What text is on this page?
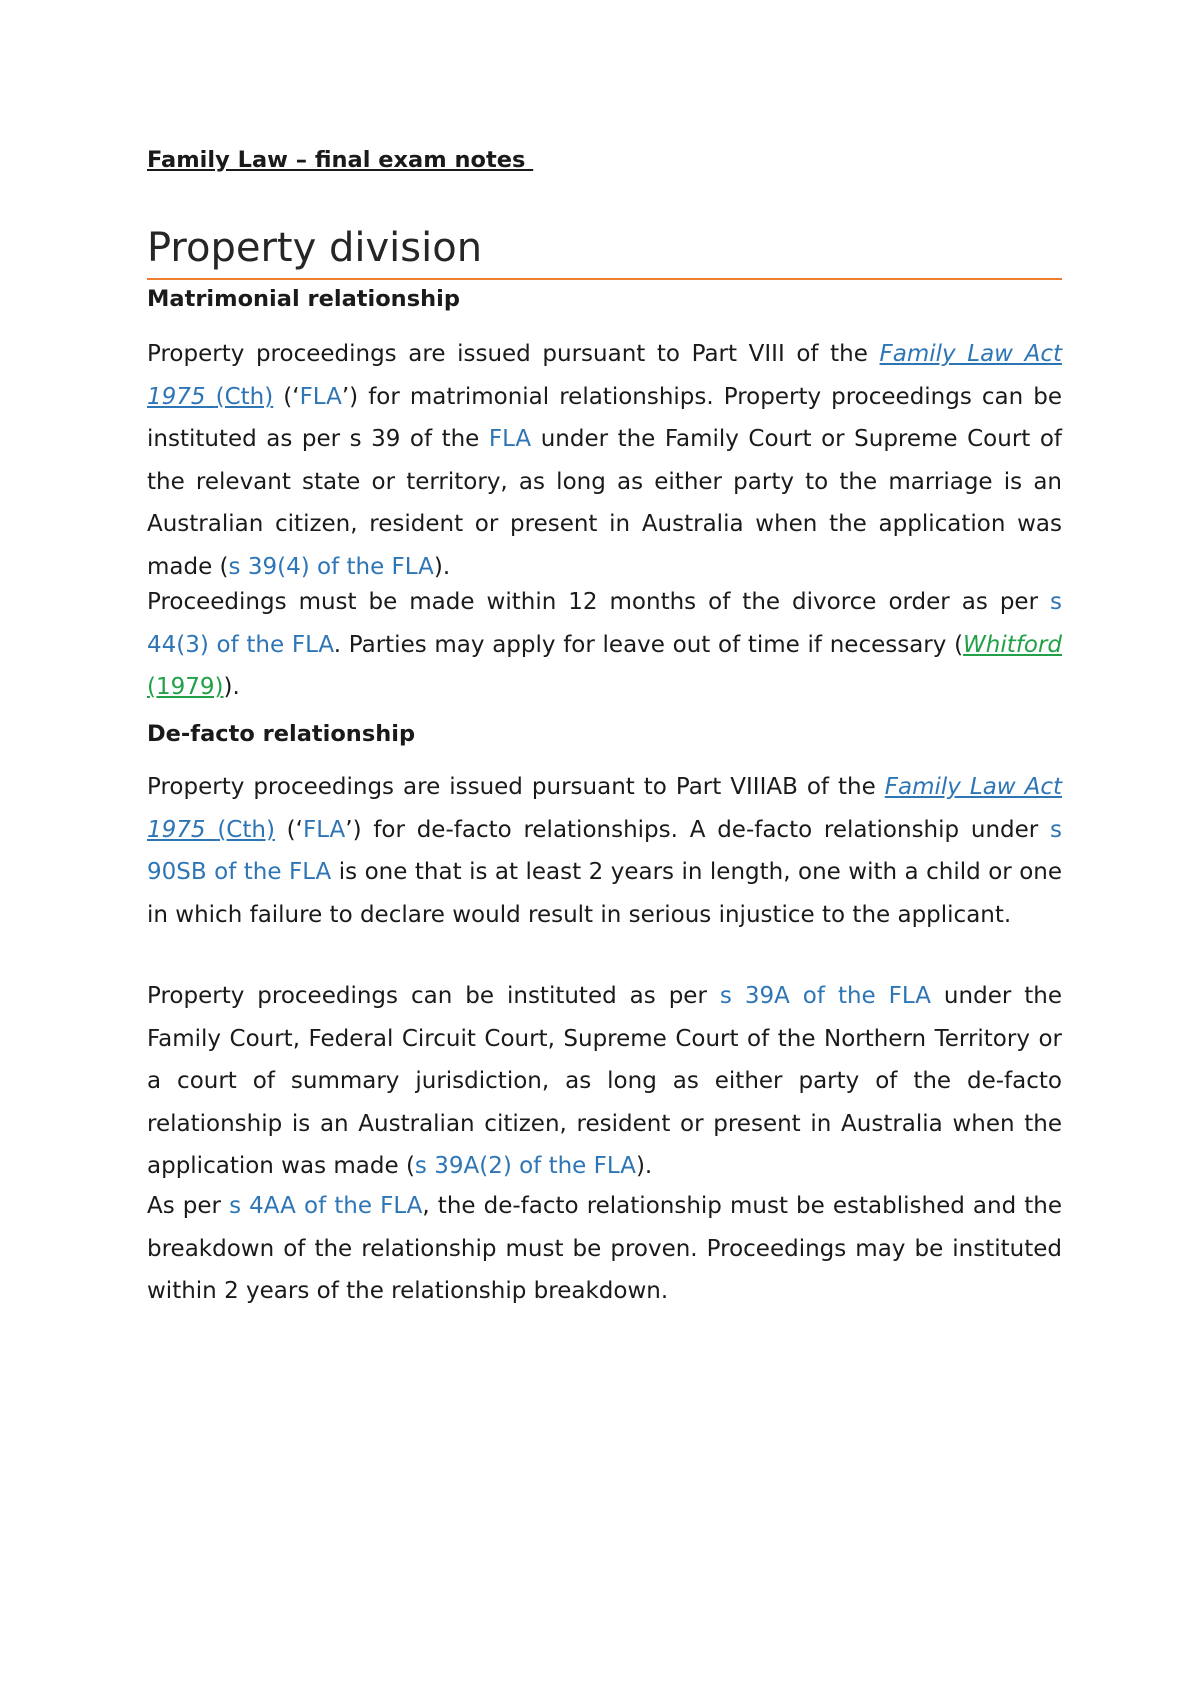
Family Law – final exam notes
Property division
Matrimonial relationship

Property proceedings are issued pursuant to Part VIII of the Family Law Act 1975 (Cth) (‘FLA’) for matrimonial relationships. Property proceedings can be instituted as per s 39 of the FLA under the Family Court or Supreme Court of the relevant state or territory, as long as either party to the marriage is an Australian citizen, resident or present in Australia when the application was made (s 39(4) of the FLA).

Proceedings must be made within 12 months of the divorce order as per s 44(3) of the FLA. Parties may apply for leave out of time if necessary (Whitford (1979)).

De-facto relationship

Property proceedings are issued pursuant to Part VIIIAB of the Family Law Act 1975 (Cth) (‘FLA’) for de-facto relationships. A de-facto relationship under s 90SB of the FLA is one that is at least 2 years in length, one with a child or one in which failure to declare would result in serious injustice to the applicant.

Property proceedings can be instituted as per s 39A of the FLA under the Family Court, Federal Circuit Court, Supreme Court of the Northern Territory or a court of summary jurisdiction, as long as either party of the de-facto relationship is an Australian citizen, resident or present in Australia when the application was made (s 39A(2) of the FLA).

As per s 4AA of the FLA, the de-facto relationship must be established and the breakdown of the relationship must be proven. Proceedings may be instituted within 2 years of the relationship breakdown.
